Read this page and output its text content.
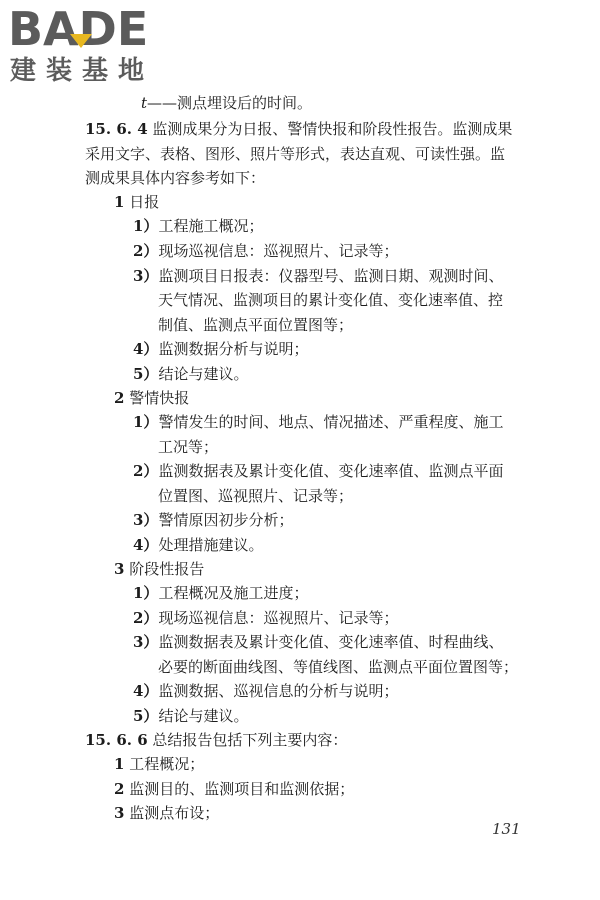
BADE
建装基地
t——测点埋设后的时间。
15. 6. 4 监测成果分为日报、警情快报和阶段性报告。监测成果
采用文字、表格、图形、照片等形式，表达直观、可读性强。监
测成果具体内容参考如下：
1 日报
1）工程施工概况；
2）现场巡视信息：巡视照片、记录等；
3）监测项目日报表：仪器型号、监测日期、观测时间、
天气情况、监测项目的累计变化值、变化速率值、控
制值、监测点平面位置图等；
4）监测数据分析与说明；
5）结论与建议。
2 警情快报
1）警情发生的时间、地点、情况描述、严重程度、施工
工况等；
2）监测数据表及累计变化值、变化速率值、监测点平面
位置图、巡视照片、记录等；
3）警情原因初步分析；
4）处理措施建议。
3 阶段性报告
1）工程概况及施工进度；
2）现场巡视信息：巡视照片、记录等；
3）监测数据表及累计变化值、变化速率值、时程曲线、
必要的断面曲线图、等值线图、监测点平面位置图等；
4）监测数据、巡视信息的分析与说明；
5）结论与建议。
15. 6. 6 总结报告包括下列主要内容：
1 工程概况；
2 监测目的、监测项目和监测依据；
3 监测点布设；
131
